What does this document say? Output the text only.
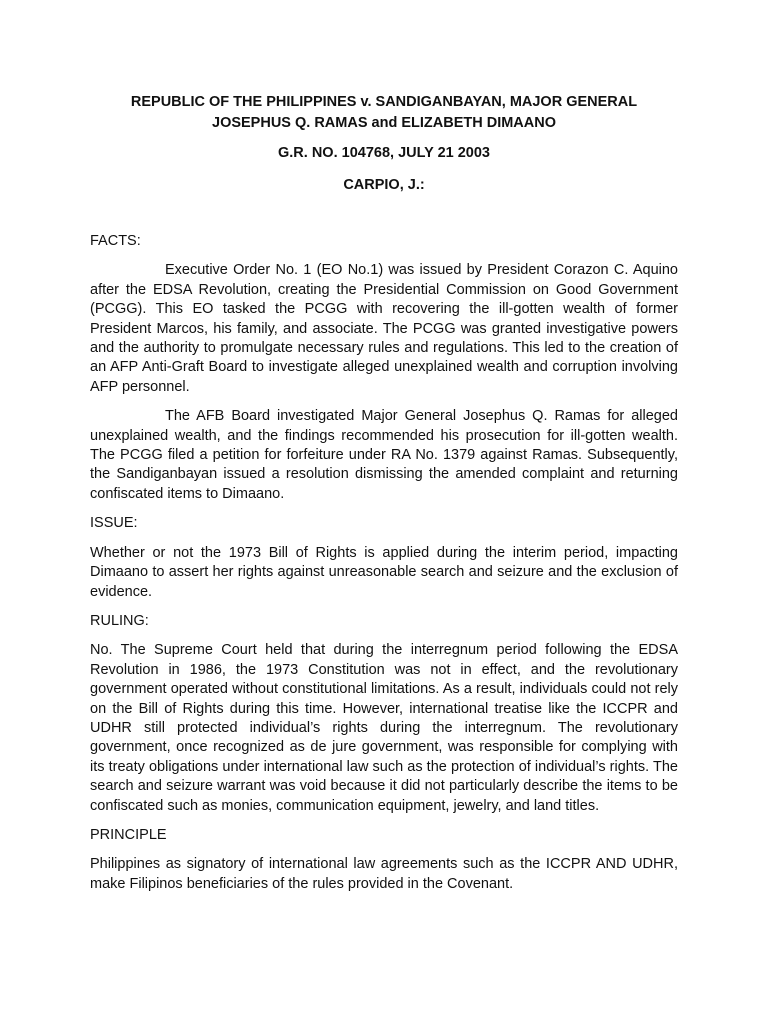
REPUBLIC OF THE PHILIPPINES v. SANDIGANBAYAN, MAJOR GENERAL JOSEPHUS Q. RAMAS and ELIZABETH DIMAANO
G.R. NO. 104768, JULY 21 2003
CARPIO, J.:
FACTS:

Executive Order No. 1 (EO No.1) was issued by President Corazon C. Aquino after the EDSA Revolution, creating the Presidential Commission on Good Government (PCGG). This EO tasked the PCGG with recovering the ill-gotten wealth of former President Marcos, his family, and associate. The PCGG was granted investigative powers and the authority to promulgate necessary rules and regulations. This led to the creation of an AFP Anti-Graft Board to investigate alleged unexplained wealth and corruption involving AFP personnel.

The AFB Board investigated Major General Josephus Q. Ramas for alleged unexplained wealth, and the findings recommended his prosecution for ill-gotten wealth. The PCGG filed a petition for forfeiture under RA No. 1379 against Ramas. Subsequently, the Sandiganbayan issued a resolution dismissing the amended complaint and returning confiscated items to Dimaano.

ISSUE:

Whether or not the 1973 Bill of Rights is applied during the interim period, impacting Dimaano to assert her rights against unreasonable search and seizure and the exclusion of evidence.

RULING:

No. The Supreme Court held that during the interregnum period following the EDSA Revolution in 1986, the 1973 Constitution was not in effect, and the revolutionary government operated without constitutional limitations. As a result, individuals could not rely on the Bill of Rights during this time. However, international treatise like the ICCPR and UDHR still protected individual’s rights during the interregnum. The revolutionary government, once recognized as de jure government, was responsible for complying with its treaty obligations under international law such as the protection of individual’s rights. The search and seizure warrant was void because it did not particularly describe the items to be confiscated such as monies, communication equipment, jewelry, and land titles.

PRINCIPLE

Philippines as signatory of international law agreements such as the ICCPR AND UDHR, make Filipinos beneficiaries of the rules provided in the Covenant.
